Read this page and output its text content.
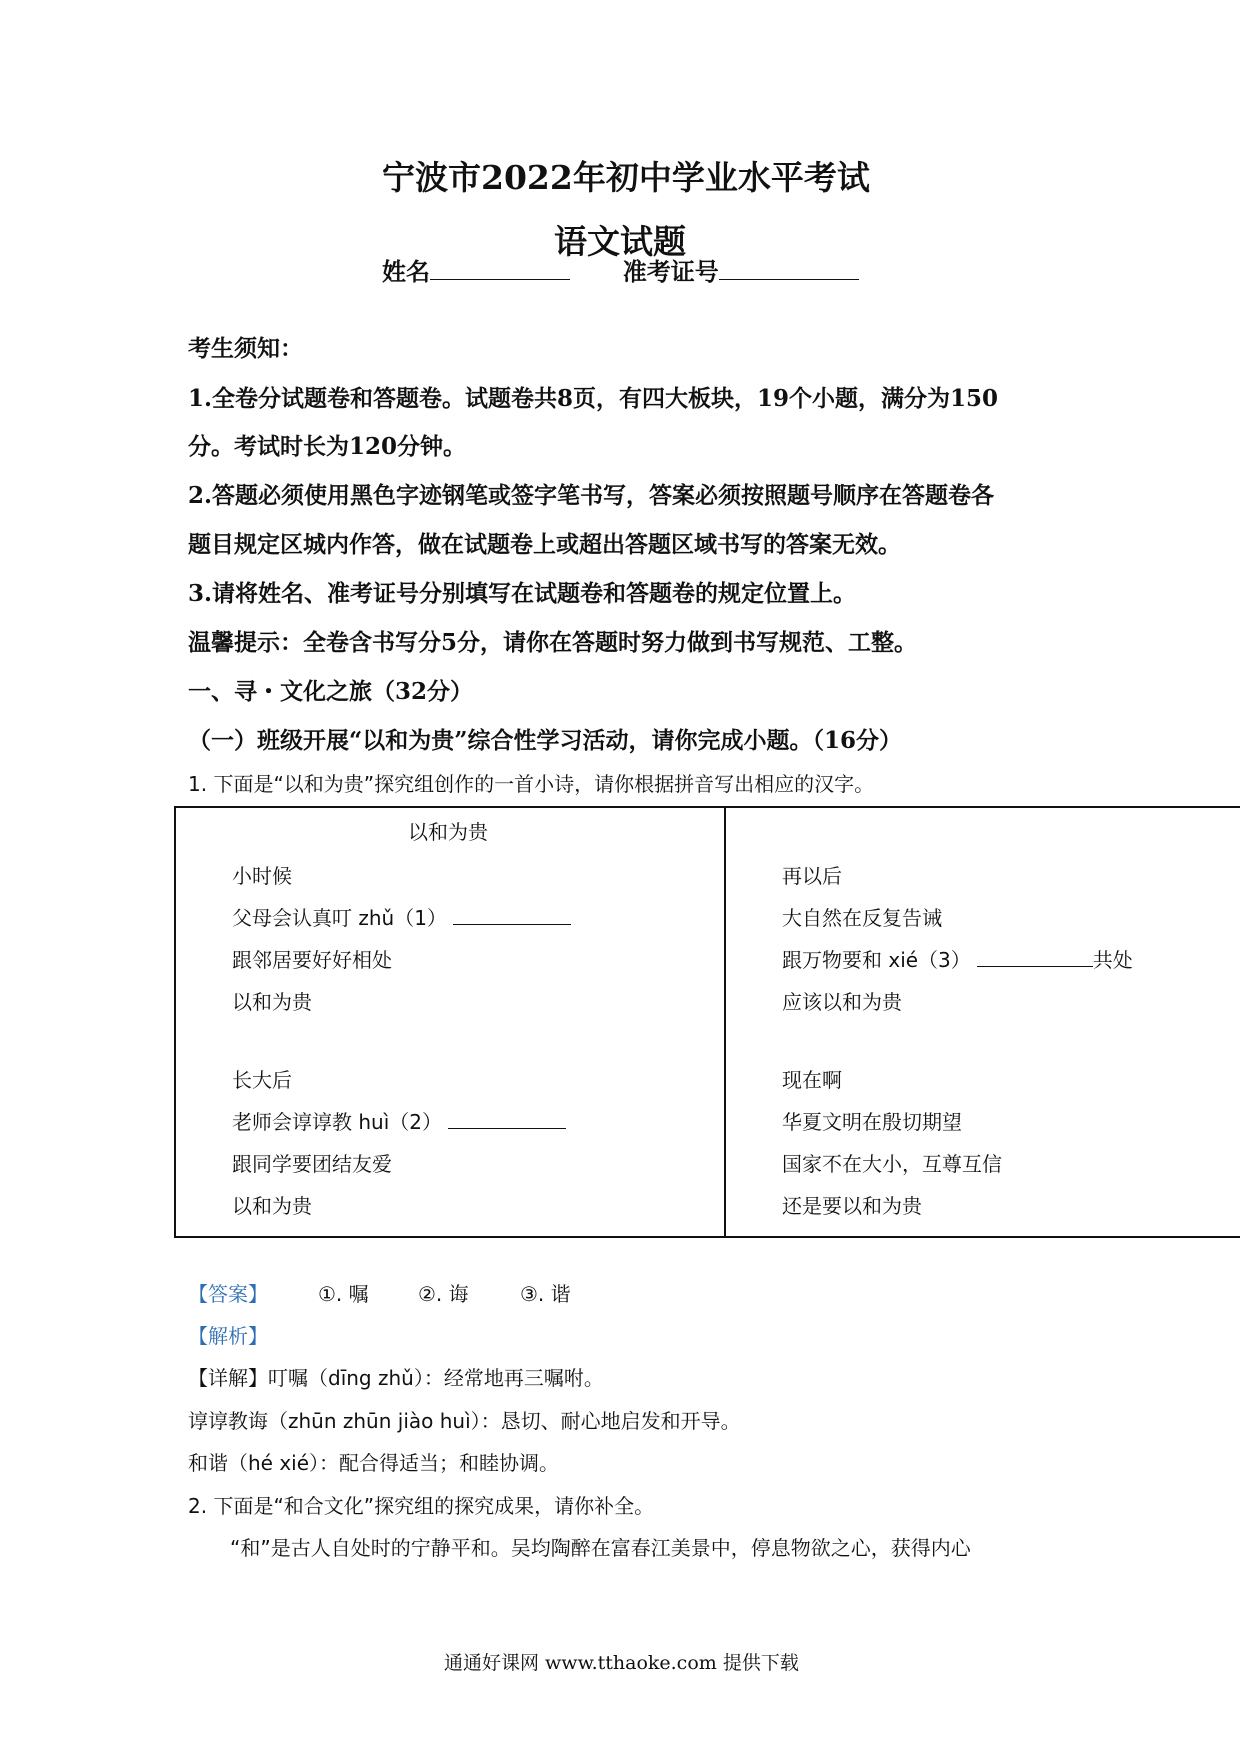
宁波市2022年初中学业水平考试
语文试题
姓名	准考证号
考生须知：
1.全卷分试题卷和答题卷。试题卷共8页，有四大板块，19个小题，满分为150
分。考试时长为120分钟。
2.答题必须使用黑色字迹钢笔或签字笔书写，答案必须按照题号顺序在答题卷各
题目规定区城内作答，做在试题卷上或超出答题区域书写的答案无效。
3.请将姓名、准考证号分别填写在试题卷和答题卷的规定位置上。
温馨提示：全卷含书写分5分，请你在答题时努力做到书写规范、工整。
一、寻・文化之旅（32分）
（一）班级开展“以和为贵”综合性学习活动，请你完成小题。（16分）
1. 下面是“以和为贵”探究组创作的一首小诗，请你根据拼音写出相应的汉字。
以和为贵
小时候
父母会认真叮 zhǔ（1）
跟邻居要好好相处
以和为贵
长大后
老师会谆谆教 huì（2）
跟同学要团结友爱
以和为贵
再以后
大自然在反复告诫
跟万物要和 xié（3）	共处
应该以和为贵
现在啊
华夏文明在殷切期望
国家不在大小，互尊互信
还是要以和为贵
【答案】	①. 嘱 ②. 诲	③. 谐
【解析】
【详解】叮嘱（dīng zhǔ）：经常地再三嘱咐。
谆谆教诲（zhūn zhūn jiào huì）：恳切、耐心地启发和开导。
和谐（hé xié）：配合得适当；和睦协调。
2. 下面是“和合文化”探究组的探究成果，请你补全。
“和”是古人自处时的宁静平和。吴均陶醉在富春江美景中，停息物欲之心，获得内心
通通好课网 www.tthaoke.com 提供下载
